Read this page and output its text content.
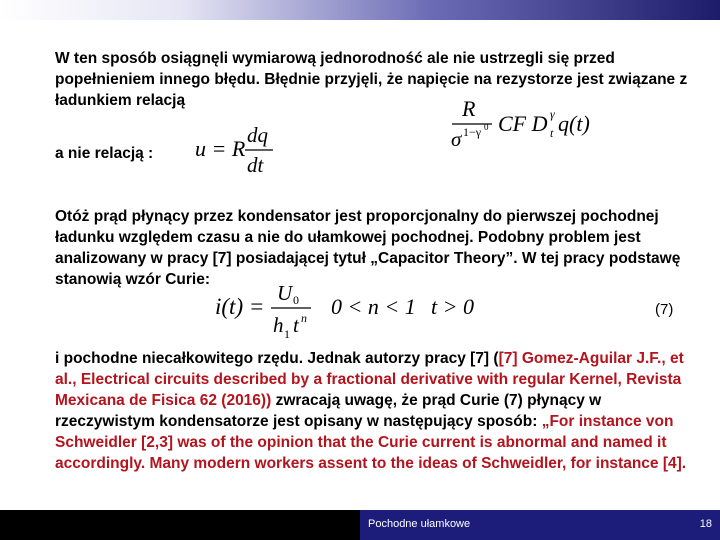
W ten sposób osiągnęli wymiarową jednorodność ale nie ustrzegli się przed popełnieniem innego błędu. Błędnie przyjęli, że napięcie na rezystorze jest związane z ładunkiem relacją	R
σ 1−γ 0 CF D γ
t q(t)

a nie relacją :	u = R
dq
dt

Otóż prąd płynący przez kondensator jest proporcjonalny do pierwszej pochodnej ładunku względem czasu a nie do ułamkowej pochodnej. Podobny problem jest analizowany w pracy [7] posiadającej tytuł „Capacitor Theory”. W tej pracy podstawę stanowią wzór Curie:

i(t) =
U 0
h 1 t n 0 < n < 1 t > 0	(7)

i pochodne niecałkowitego rzędu. Jednak autorzy pracy [7] ([7] Gomez-Aguilar J.F., et al., Electrical circuits described by a fractional derivative with regular Kernel, Revista Mexicana de Fisica 62 (2016)) zwracają uwagę, że prąd Curie (7) płynący w rzeczywistym kondensatorze jest opisany w następujący sposób: „For instance von Schweidler [2,3] was of the opinion that the Curie current is abnormal and named it accordingly. Many modern workers assent to the ideas of Schweidler, for instance [4].

Pochodne ułamkowe	18
